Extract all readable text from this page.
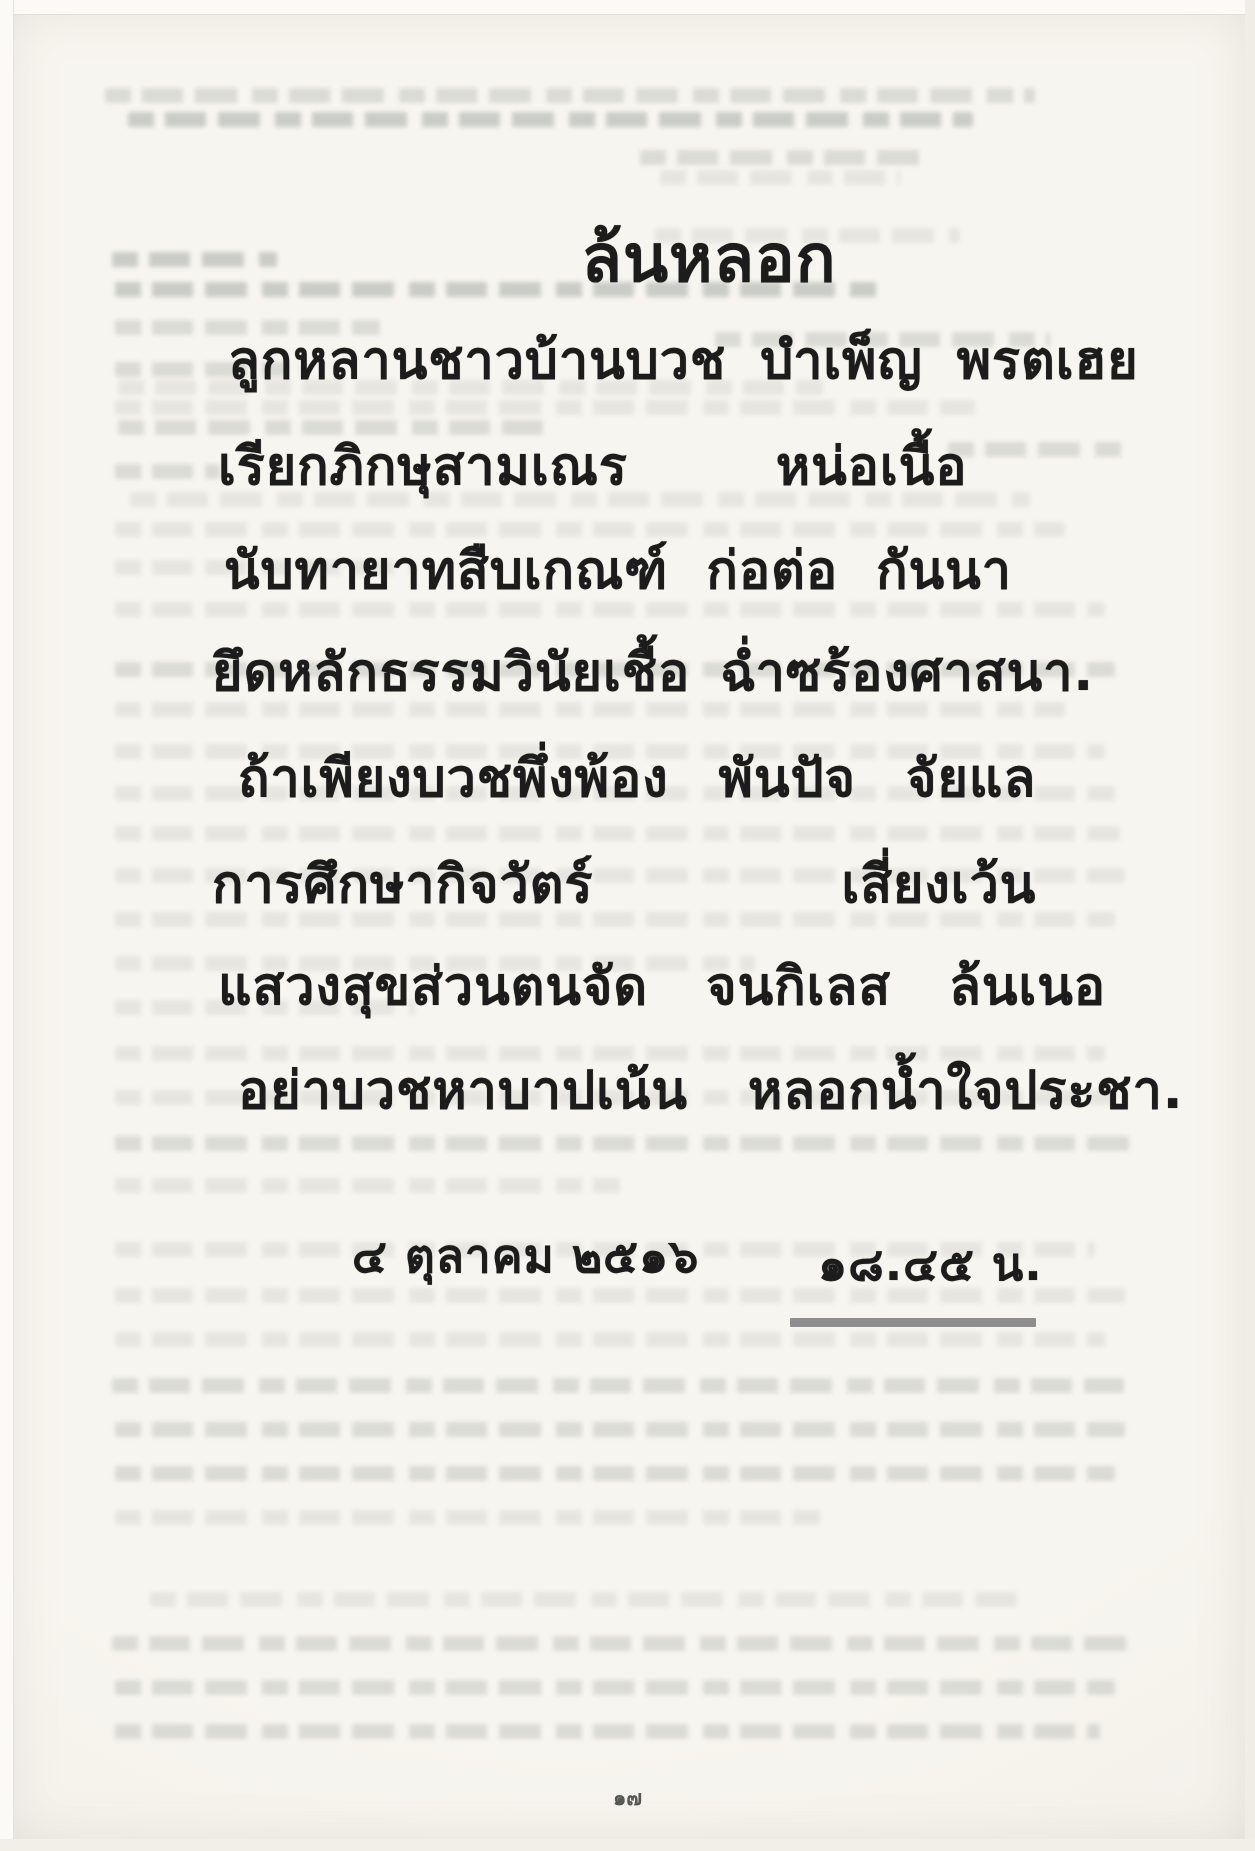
ล้นหลอก
ลูกหลานชาวบ้านบวช บำเพ็ญ พรตเฮย
เรียกภิกษุสามเณร	หน่อเนื้อ
นับทายาทสืบเกณฑ์ ก่อต่อ กันนา
ยึดหลักธรรมวินัยเชื้อ ฉ่ำซร้องศาสนา.
ถ้าเพียงบวชพึ่งพ้อง พันปัจ จัยแล
การศึกษากิจวัตร์	เสี่ยงเว้น
แสวงสุขส่วนตนจัด จนกิเลส ล้นเนอ
อย่าบวชหาบาปเน้น หลอกน้ำใจประชา.
๔ ตุลาคม ๒๕๑๖	๑๘.๔๕ น.
๑๗
